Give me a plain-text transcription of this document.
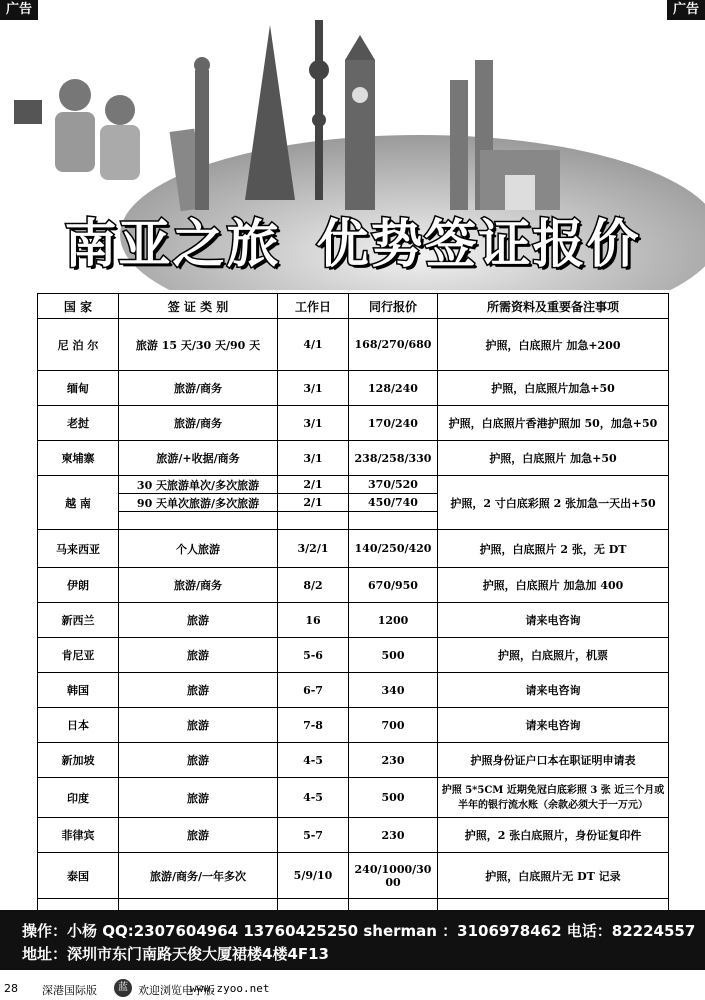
广告	广告
南亚之旅 优势签证报价
国 家	签 证 类 别	工作日	同行报价	所需资料及重要备注事项
尼 泊 尔	旅游 15 天/30 天/90 天	4/1	168/270/680	护照，白底照片 加急+200
缅甸	旅游/商务	3/1	128/240	护照，白底照片加急+50
老挝	旅游/商务	3/1	170/240	护照，白底照片香港护照加 50，加急+50
柬埔寨	旅游/+收据/商务	3/1	238/258/330	护照，白底照片 加急+50
越 南	30 天旅游单次/多次旅游	2/1	370/520	护照，2 寸白底彩照 2 张加急一天出+50
	90 天单次旅游/多次旅游	2/1	450/740	

马来西亚	个人旅游	3/2/1	140/250/420	护照，白底照片 2 张，无 DT
伊朗	旅游/商务	8/2	670/950	护照，白底照片 加急加 400
新西兰	旅游	16	1200	请来电咨询
肯尼亚	旅游	5-6	500	护照，白底照片，机票
韩国	旅游	6-7	340	请来电咨询
日本	旅游	7-8	700	请来电咨询
新加坡	旅游	4-5	230	护照身份证户口本在职证明申请表
印度	旅游	4-5	500	护照 5*5CM 近期免冠白底彩照 3 张 近三个月或半年的银行流水账（余款必须大于一万元）
菲律宾	旅游	5-7	230	护照，2 张白底照片，身份证复印件
泰国	旅游/商务/一年多次	5/9/10	240/1000/3000	护照，白底照片无 DT 记录

操作：小杨 QQ:2307604964 13760425250 sherman ：3106978462 电话：82224557
地址：深圳市东门南路天俊大厦裙楼4楼4F13
28 深港国际版	蓝 欢迎浏览电子版
www.zyoo.net
